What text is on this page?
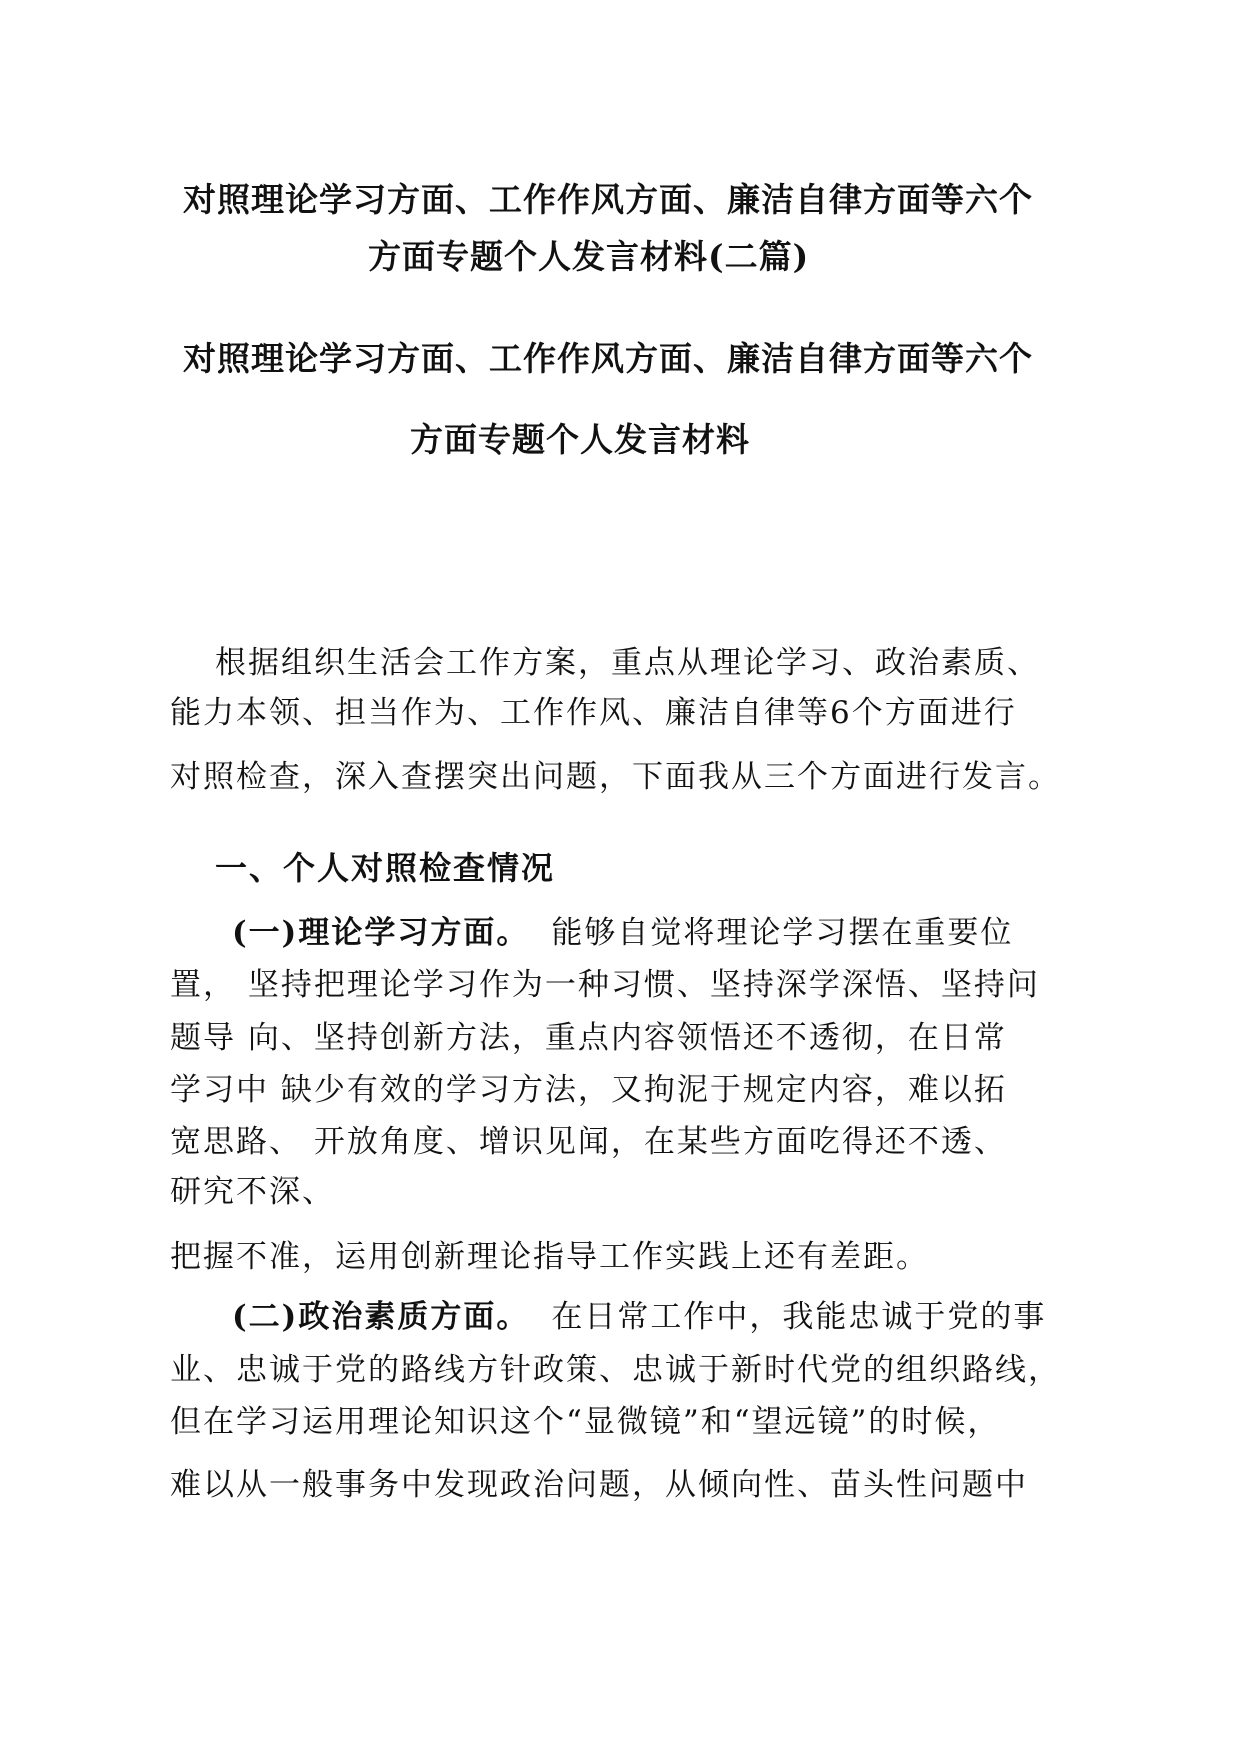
对照理论学习方面、工作作风方面、廉洁自律方面等六个

方面专题个人发言材料(二篇)

对照理论学习方面、工作作风方面、廉洁自律方面等六个

方面专题个人发言材料

根据组织生活会工作方案，重点从理论学习、政治素质、

能力本领、担当作为、工作作风、廉洁自律等6个方面进行

对照检查，深入查摆突出问题，下面我从三个方面进行发言。

一、个人对照检查情况

(一)理论学习方面。 能够自觉将理论学习摆在重要位

置， 坚持把理论学习作为一种习惯、坚持深学深悟、坚持问

题导 向、坚持创新方法，重点内容领悟还不透彻，在日常

学习中 缺少有效的学习方法，又拘泥于规定内容，难以拓

宽思路、 开放角度、增识见闻，在某些方面吃得还不透、

研究不深、

把握不准，运用创新理论指导工作实践上还有差距。

(二)政治素质方面。 在日常工作中，我能忠诚于党的事

业、忠诚于党的路线方针政策、忠诚于新时代党的组织路线，

但在学习运用理论知识这个“显微镜”和“望远镜”的时候，

难以从一般事务中发现政治问题，从倾向性、苗头性问题中
